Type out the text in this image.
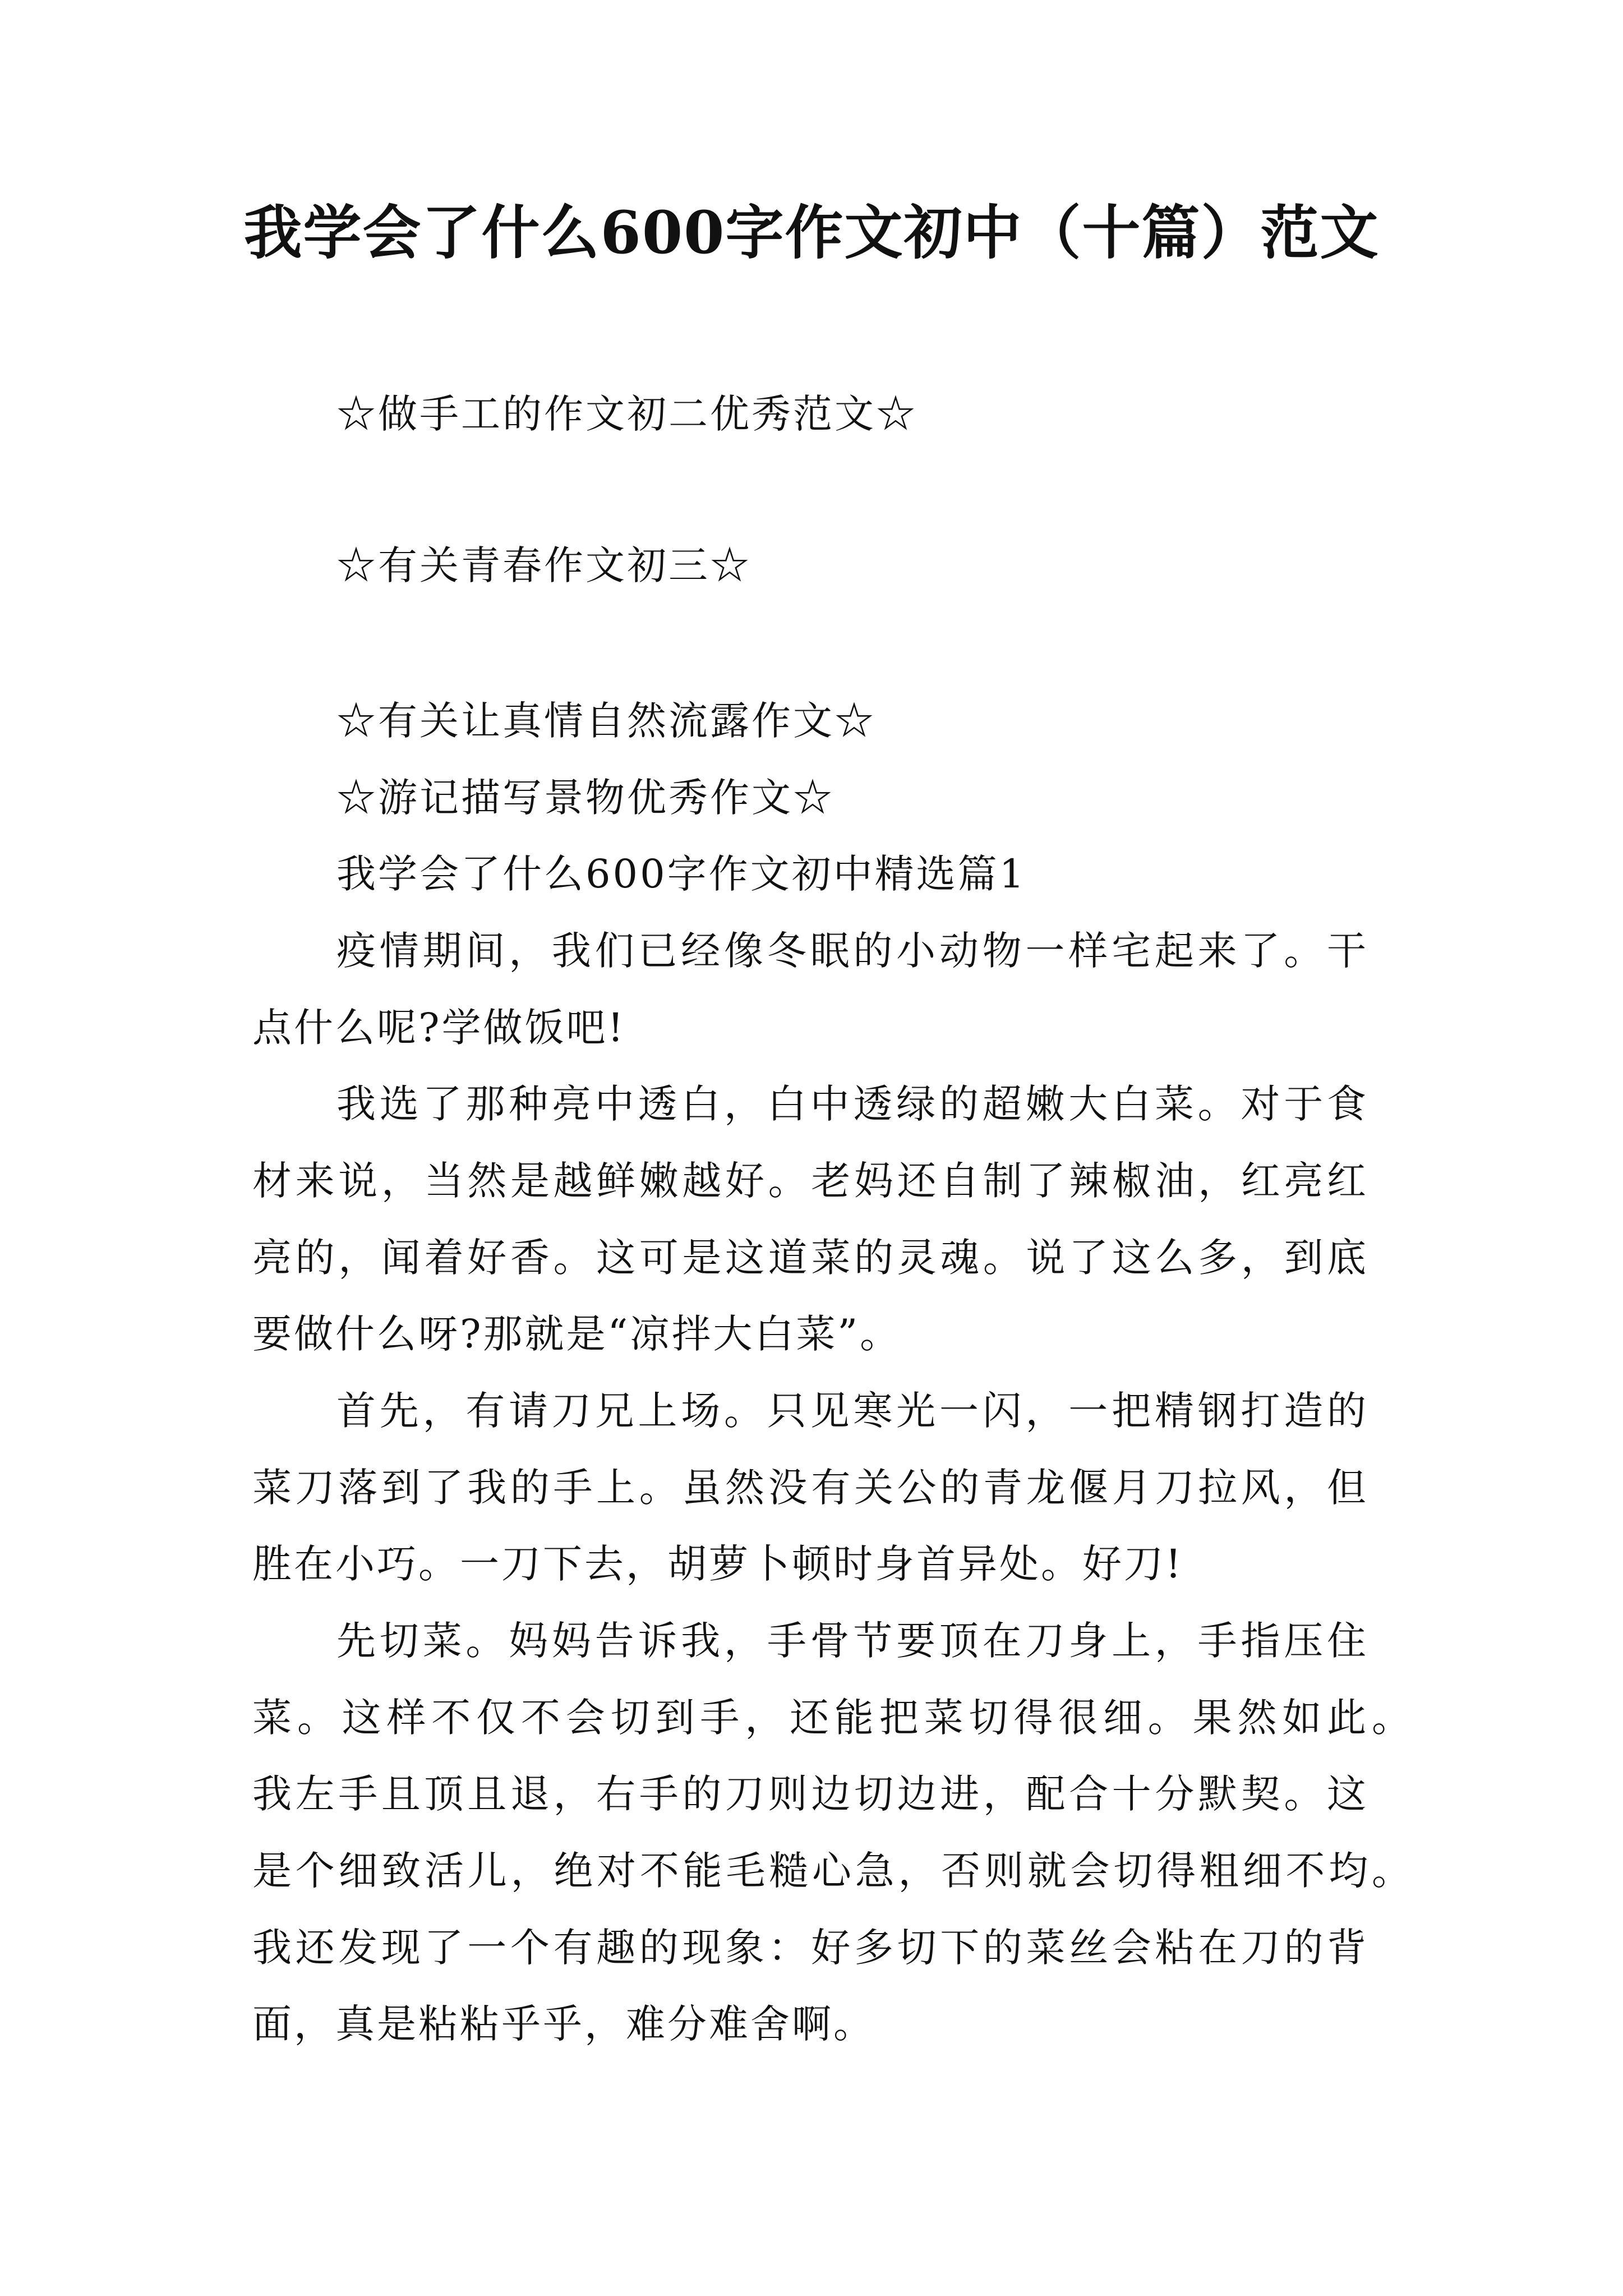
我学会了什么600字作文初中（十篇）范文
☆做手工的作文初二优秀范文☆
☆有关青春作文初三☆
☆有关让真情自然流露作文☆
☆游记描写景物优秀作文☆
我学会了什么600字作文初中精选篇1
疫情期间，我们已经像冬眠的小动物一样宅起来了。干
点什么呢?学做饭吧!
我选了那种亮中透白，白中透绿的超嫩大白菜。对于食
材来说，当然是越鲜嫩越好。老妈还自制了辣椒油，红亮红
亮的，闻着好香。这可是这道菜的灵魂。说了这么多，到底
要做什么呀?那就是“凉拌大白菜”。
首先，有请刀兄上场。只见寒光一闪，一把精钢打造的
菜刀落到了我的手上。虽然没有关公的青龙偃月刀拉风，但
胜在小巧。一刀下去，胡萝卜顿时身首异处。好刀!
先切菜。妈妈告诉我，手骨节要顶在刀身上，手指压住
菜。这样不仅不会切到手，还能把菜切得很细。果然如此。
我左手且顶且退，右手的刀则边切边进，配合十分默契。这
是个细致活儿，绝对不能毛糙心急，否则就会切得粗细不均。
我还发现了一个有趣的现象：好多切下的菜丝会粘在刀的背
面，真是粘粘乎乎，难分难舍啊。
